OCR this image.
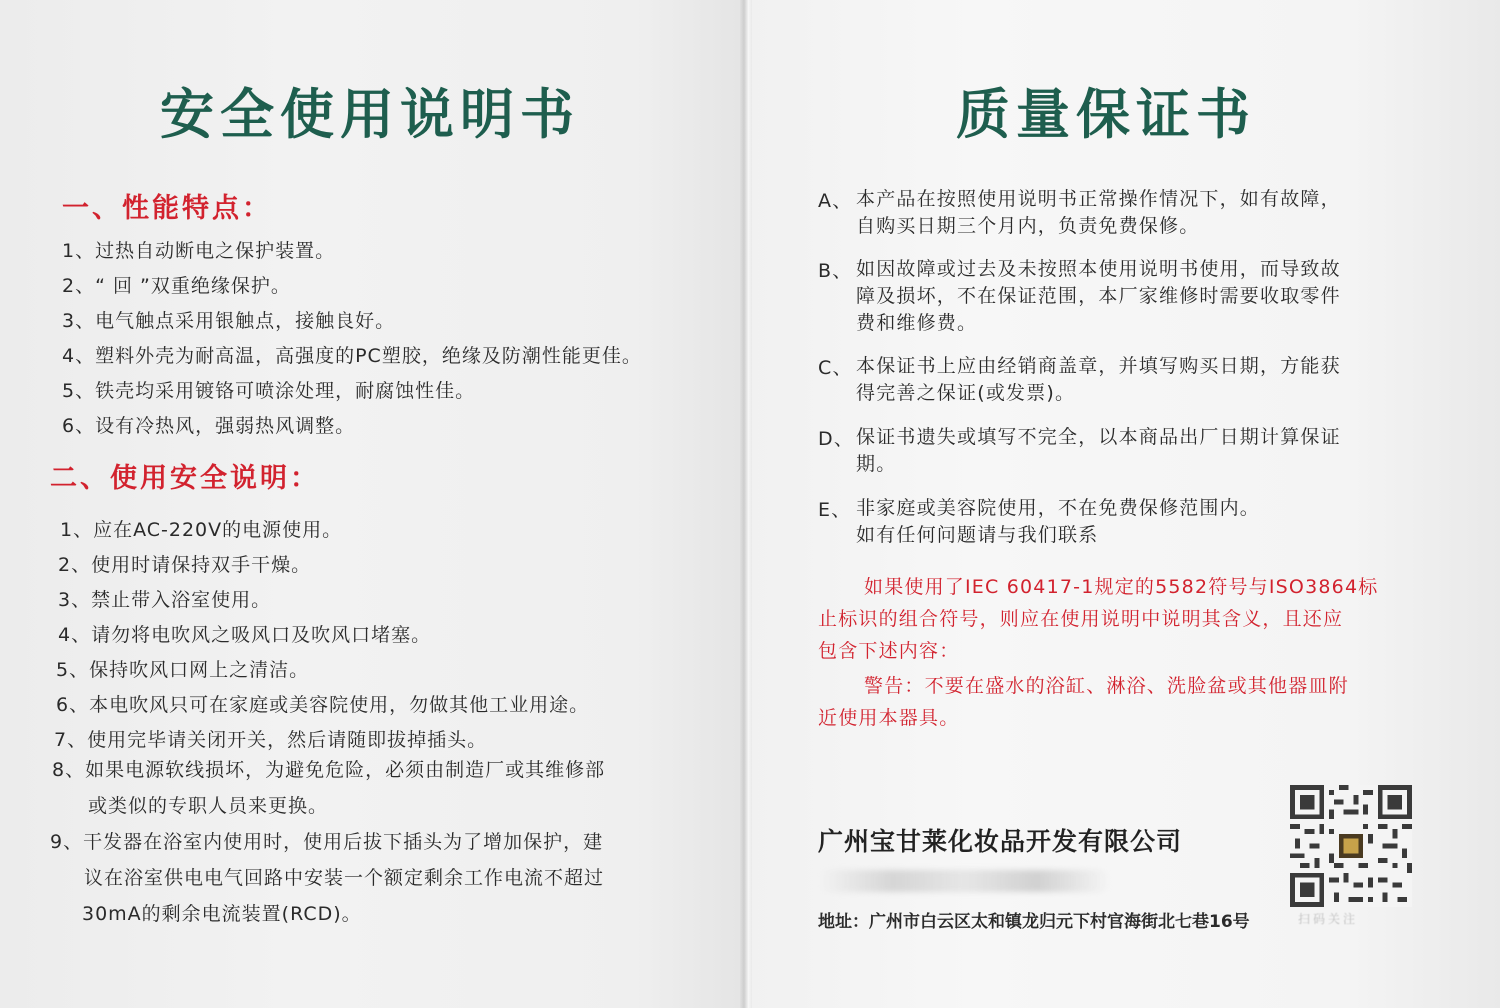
安全使用说明书
一、性能特点：

1、过热自动断电之保护装置。

2、“ 回 ”双重绝缘保护。

3、电气触点采用银触点，接触良好。

4、塑料外壳为耐高温，高强度的PC塑胶，绝缘及防潮性能更佳。

5、铁壳均采用镀铬可喷涂处理，耐腐蚀性佳。

6、设有冷热风，强弱热风调整。

二、使用安全说明：

1、应在AC-220V的电源使用。

2、使用时请保持双手干燥。

3、禁止带入浴室使用。

4、请勿将电吹风之吸风口及吹风口堵塞。

5、保持吹风口网上之清洁。

6、本电吹风只可在家庭或美容院使用，勿做其他工业用途。

7、使用完毕请关闭开关，然后请随即拔掉插头。

8、如果电源软线损坏，为避免危险，必须由制造厂或其维修部
或类似的专职人员来更换。
9、干发器在浴室内使用时，使用后拔下插头为了增加保护，建
议在浴室供电电气回路中安装一个额定剩余工作电流不超过
30mA的剩余电流装置(RCD)。
质量保证书
A、 本产品在按照使用说明书正常操作情况下，如有故障，
自购买日期三个月内，负责免费保修。
B、 如因故障或过去及未按照本使用说明书使用，而导致故
障及损坏，不在保证范围，本厂家维修时需要收取零件
费和维修费。
C、 本保证书上应由经销商盖章，并填写购买日期，方能获
得完善之保证(或发票)。
D、 保证书遗失或填写不完全，以本商品出厂日期计算保证
期。
E、 非家庭或美容院使用，不在免费保修范围内。
如有任何问题请与我们联系
如果使用了IEC 60417-1规定的5582符号与ISO3864标
止标识的组合符号，则应在使用说明中说明其含义，且还应
包含下述内容：
警告：不要在盛水的浴缸、淋浴、洗脸盆或其他器皿附
近使用本器具。

广州宝甘莱化妆品开发有限公司

地址：广州市白云区太和镇龙归元下村官海街北七巷16号	扫码关注
